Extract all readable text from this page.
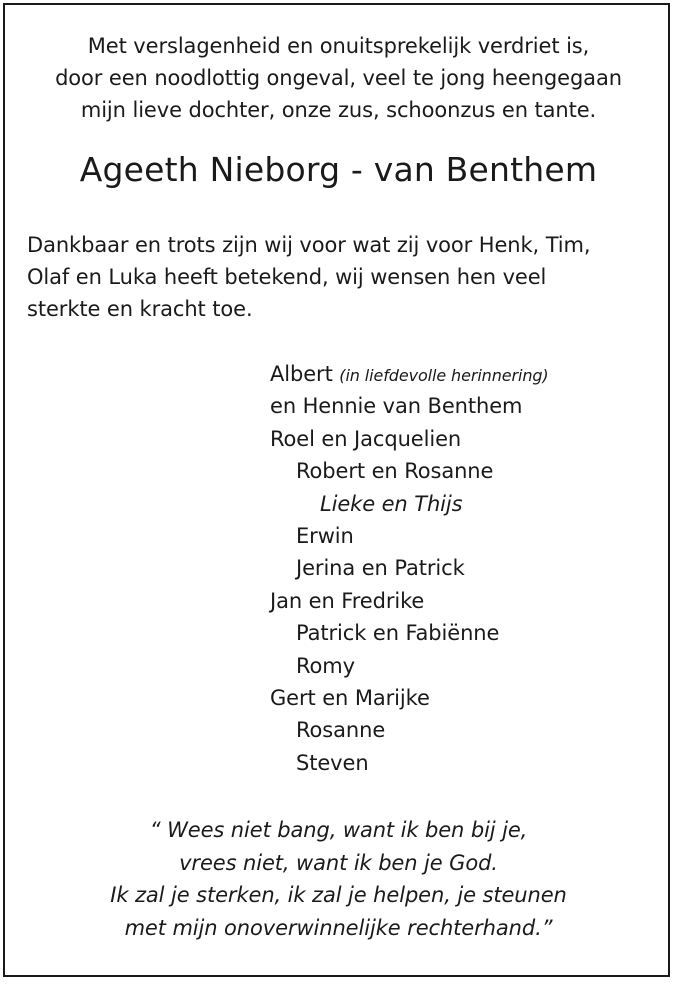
Met verslagenheid en onuitsprekelijk verdriet is,
door een noodlottig ongeval, veel te jong heengegaan
mijn lieve dochter, onze zus, schoonzus en tante.
Ageeth Nieborg - van Benthem
Dankbaar en trots zijn wij voor wat zij voor Henk, Tim,
Olaf en Luka heeft betekend, wij wensen hen veel
sterkte en kracht toe.
Albert (in liefdevolle herinnering)
en Hennie van Benthem
Roel en Jacquelien
Robert en Rosanne
Lieke en Thijs
Erwin
Jerina en Patrick
Jan en Fredrike
Patrick en Fabiënne
Romy
Gert en Marijke
Rosanne
Steven
“ Wees niet bang, want ik ben bij je,
vrees niet, want ik ben je God.
Ik zal je sterken, ik zal je helpen, je steunen
met mijn onoverwinnelijke rechterhand.”
